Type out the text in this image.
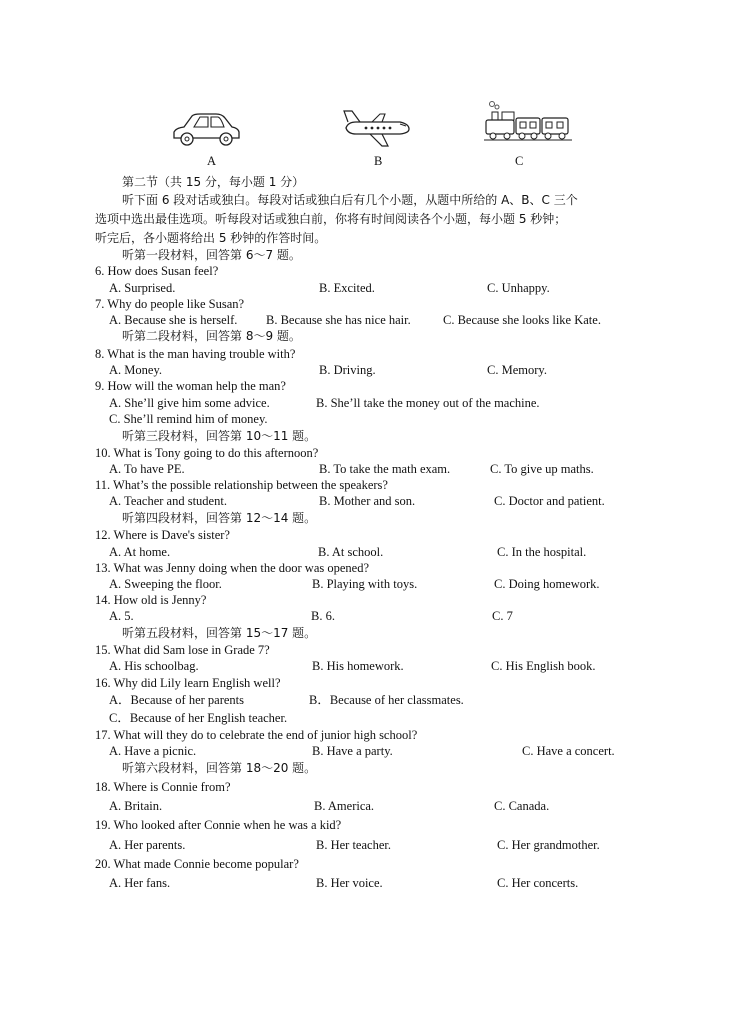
A	B	C
第二节（共 15 分，每小题 1 分）
听下面 6 段对话或独白。每段对话或独白后有几个小题，从题中所给的 A、B、C 三个
选项中选出最佳选项。听每段对话或独白前，你将有时间阅读各个小题，每小题 5 秒钟；
听完后，各小题将给出 5 秒钟的作答时间。
听第一段材料，回答第 6～7 题。
6. How does Susan feel?
A. Surprised.	B. Excited.	C. Unhappy.
7. Why do people like Susan?
A. Because she is herself. B. Because she has nice hair.	C. Because she looks like Kate.
听第二段材料，回答第 8～9 题。
8. What is the man having trouble with?
A. Money.	B. Driving.	C. Memory.
9. How will the woman help the man?
A. She’ll give him some advice.	B. She’ll take the money out of the machine.
C. She’ll remind him of money.
听第三段材料，回答第 10～11 题。
10. What is Tony going to do this afternoon?
A. To have PE.	B. To take the math exam.	C. To give up maths.
11. What’s the possible relationship between the speakers?
A. Teacher and student.	B. Mother and son.	C. Doctor and patient.
听第四段材料，回答第 12～14 题。
12. Where is Dave's sister?
A. At home.	B. At school.	C. In the hospital.
13. What was Jenny doing when the door was opened?
A. Sweeping the floor.	B. Playing with toys.	C. Doing homework.
14. How old is Jenny?
A. 5.	B. 6.	C. 7
听第五段材料，回答第 15～17 题。
15. What did Sam lose in Grade 7?
A. His schoolbag.	B. His homework.	C. His English book.
16. Why did Lily learn English well?
A．Because of her parents	B．Because of her classmates.
C．Because of her English teacher.
17. What will they do to celebrate the end of junior high school?
A. Have a picnic.	B. Have a party.	C. Have a concert.
听第六段材料，回答第 18～20 题。
18. Where is Connie from?
A. Britain.	B. America.	C. Canada.
19. Who looked after Connie when he was a kid?
A. Her parents.	B. Her teacher.	C. Her grandmother.
20. What made Connie become popular?
A. Her fans.	B. Her voice.	C. Her concerts.
